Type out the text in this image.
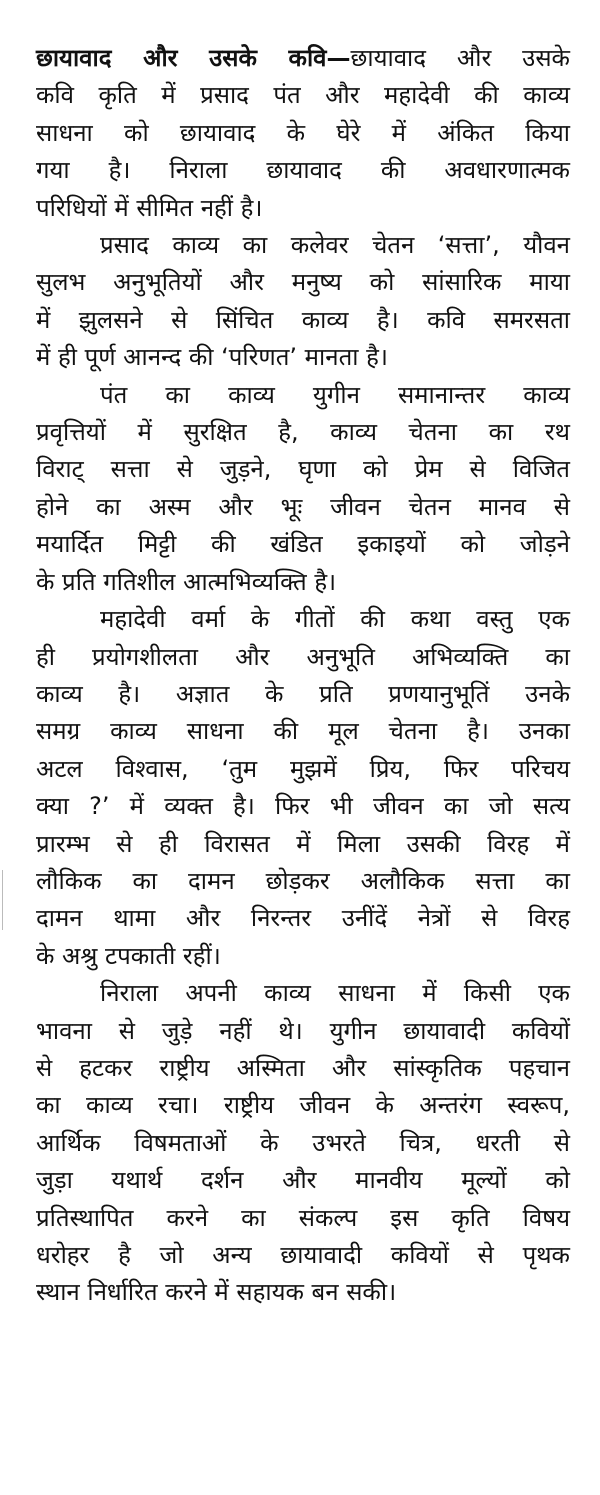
छायावाद और उसके कवि—छायावाद और उसके
कवि कृति में प्रसाद पंत और महादेवी की काव्य
साधना को छायावाद के घेरे में अंकित किया
गया है। निराला छायावाद की अवधारणात्मक
परिधियों में सीमित नहीं है।

प्रसाद काव्य का कलेवर चेतन ‘सत्ता’, यौवन
सुलभ अनुभूतियों और मनुष्य को सांसारिक माया
में झुलसने से सिंचित काव्य है। कवि समरसता
में ही पूर्ण आनन्द की ‘परिणत’ मानता है।

पंत का काव्य युगीन समानान्तर काव्य
प्रवृत्तियों में सुरक्षित है, काव्य चेतना का रथ
विराट् सत्ता से जुड़ने, घृणा को प्रेम से विजित
होने का अस्म और भूः जीवन चेतन मानव से
मयार्दित मिट्टी की खंडित इकाइयों को जोड़ने
के प्रति गतिशील आत्मभिव्यक्ति है।

महादेवी वर्मा के गीतों की कथा वस्तु एक
ही प्रयोगशीलता और अनुभूति अभिव्यक्ति का
काव्य है। अज्ञात के प्रति प्रणयानुभूतिं उनके
समग्र काव्य साधना की मूल चेतना है। उनका
अटल विश्वास, ‘तुम मुझमें प्रिय, फिर परिचय
क्या ?’ में व्यक्त है। फिर भी जीवन का जो सत्य
प्रारम्भ से ही विरासत में मिला उसकी विरह में
लौकिक का दामन छोड़कर अलौकिक सत्ता का
दामन थामा और निरन्तर उनींदें नेत्रों से विरह
के अश्रु टपकाती रहीं।

निराला अपनी काव्य साधना में किसी एक
भावना से जुड़े नहीं थे। युगीन छायावादी कवियों
से हटकर राष्ट्रीय अस्मिता और सांस्कृतिक पहचान
का काव्य रचा। राष्ट्रीय जीवन के अन्तरंग स्वरूप,
आर्थिक विषमताओं के उभरते चित्र, धरती से
जुड़ा यथार्थ दर्शन और मानवीय मूल्यों को
प्रतिस्थापित करने का संकल्प इस कृति विषय
धरोहर है जो अन्य छायावादी कवियों से पृथक
स्थान निर्धारित करने में सहायक बन सकी।
